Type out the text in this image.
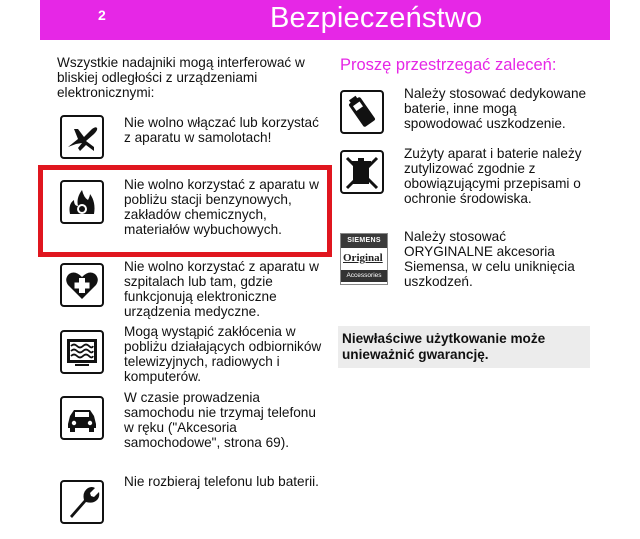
2	Bezpieczeństwo
Wszystkie nadajniki mogą interferować w bliskiej odległości z urządzeniami elektronicznymi:
Nie wolno włączać lub korzystać z aparatu w samolotach!
Nie wolno korzystać z aparatu w pobliżu stacji benzynowych, zakładów chemicznych, materiałów wybuchowych.
Nie wolno korzystać z aparatu w szpitalach lub tam, gdzie funkcjonują elektroniczne urządzenia medyczne.
Mogą wystąpić zakłócenia w pobliżu działających odbiorników telewizyjnych, radiowych i komputerów.
W czasie prowadzenia samochodu nie trzymaj telefonu w ręku ("Akcesoria samochodowe", strona 69).
Nie rozbieraj telefonu lub baterii.
Proszę przestrzegać zaleceń:
Należy stosować dedykowane baterie, inne mogą spowodować uszkodzenie.
Zużyty aparat i baterie należy zutylizować zgodnie z obowiązującymi przepisami o ochronie środowiska.
SIEMENS
Original
Accessories
Należy stosować ORYGINALNE akcesoria Siemensa, w celu uniknięcia uszkodzeń.
Niewłaściwe użytkowanie może unieważnić gwarancję.
